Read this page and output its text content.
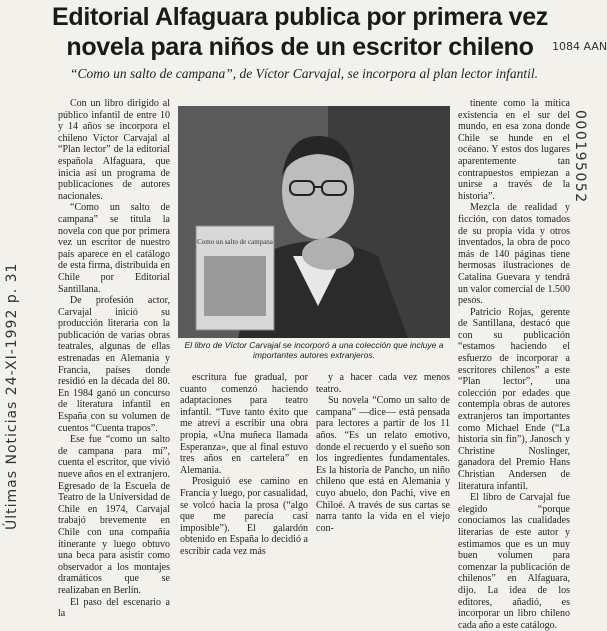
Editorial Alfaguara publica por primera vez novela para niños de un escritor chileno
“Como un salto de campana”, de Víctor Carvajal, se incorpora al plan lector infantil.

Con un libro dirigido al público infantil de entre 10 y 14 años se incorpora el chileno Víctor Carvajal al “Plan lector” de la editorial española Alfaguara, que inicia así un programa de publicaciones de autores nacionales.

“Como un salto de campana” se titula la novela con que por primera vez un escritor de nuestro país aparece en el catálogo de esta firma, distribuida en Chile por Editorial Santillana.

De profesión actor, Carvajal inició su producción literaria con la publicación de varias obras teatrales, algunas de ellas estrenadas en Alemania y Francia, países donde residió en la década del 80. En 1984 ganó un concurso de literatura infantil en España con su volumen de cuentos “Cuenta trapos”.

Ese fue “como un salto de campana para mí”, cuenta el escritor, que vivió nueve años en el extranjero. Egresado de la Escuela de Teatro de la Universidad de Chile en 1974, Carvajal trabajó brevemente en Chile con una compañía itinerante y luego obtuvo una beca para asistir como observador a los montajes dramáticos que se realizaban en Berlín.

El paso del escenario a la

Como un salto de campana
El libro de Víctor Carvajal se incorporó a una colección que incluye a importantes autores extranjeros.

escritura fue gradual, por cuanto comenzó haciendo adaptaciones para teatro infantil. “Tuve tanto éxito que me atreví a escribir una obra propia, «Una muñeca llamada Esperanza», que al final estuvo tres años en cartelera” en Alemania.

Prosiguió ese camino en Francia y luego, por casualidad, se volcó hacia la prosa (“algo que me parecía casi imposible”). El galardón obtenido en España lo decidió a escribir cada vez más

y a hacer cada vez menos teatro.

Su novela “Como un salto de campana” —dice— está pensada para lectores a partir de los 11 años. “Es un relato emotivo, donde el recuerdo y el sueño son los ingredientes fundamentales. Es la historia de Pancho, un niño chileno que está en Alemania y cuyo abuelo, don Pachi, vive en Chiloé. A través de sus cartas se narra tanto la vida en el viejo con-

tinente como la mítica existencia en el sur del mundo, en esa zona donde Chile se hunde en el océano. Y estos dos lugares aparentemente tan contrapuestos empiezan a unirse a través de la historia”.

Mezcla de realidad y ficción, con datos tomados de su propia vida y otros inventados, la obra de poco más de 140 páginas tiene hermosas ilustraciones de Catalina Guevara y tendrá un valor comercial de 1.500 pesos.

Patricio Rojas, gerente de Santillana, destacó que con su publicación “estamos haciendo el esfuerzo de incorporar a escritores chilenos” a este “Plan lector”, una colección por edades que contempla obras de autores extranjeros tan importantes como Michael Ende (“La historia sin fin”), Janosch y Christine Noslinger, ganadora del Premio Hans Christian Andersen de literatura infantil.

El libro de Carvajal fue elegido “porque conocíamos las cualidades literarias de este autor y estimamos que es un muy buen volumen para comenzar la publicación de chilenos” en Alfaguara, dijo. La idea de los editores, añadió, es incorporar un libro chileno cada año a este catálogo.

Últimas Noticias 24-XI-1992 p. 31
000195052
1084 AAN
